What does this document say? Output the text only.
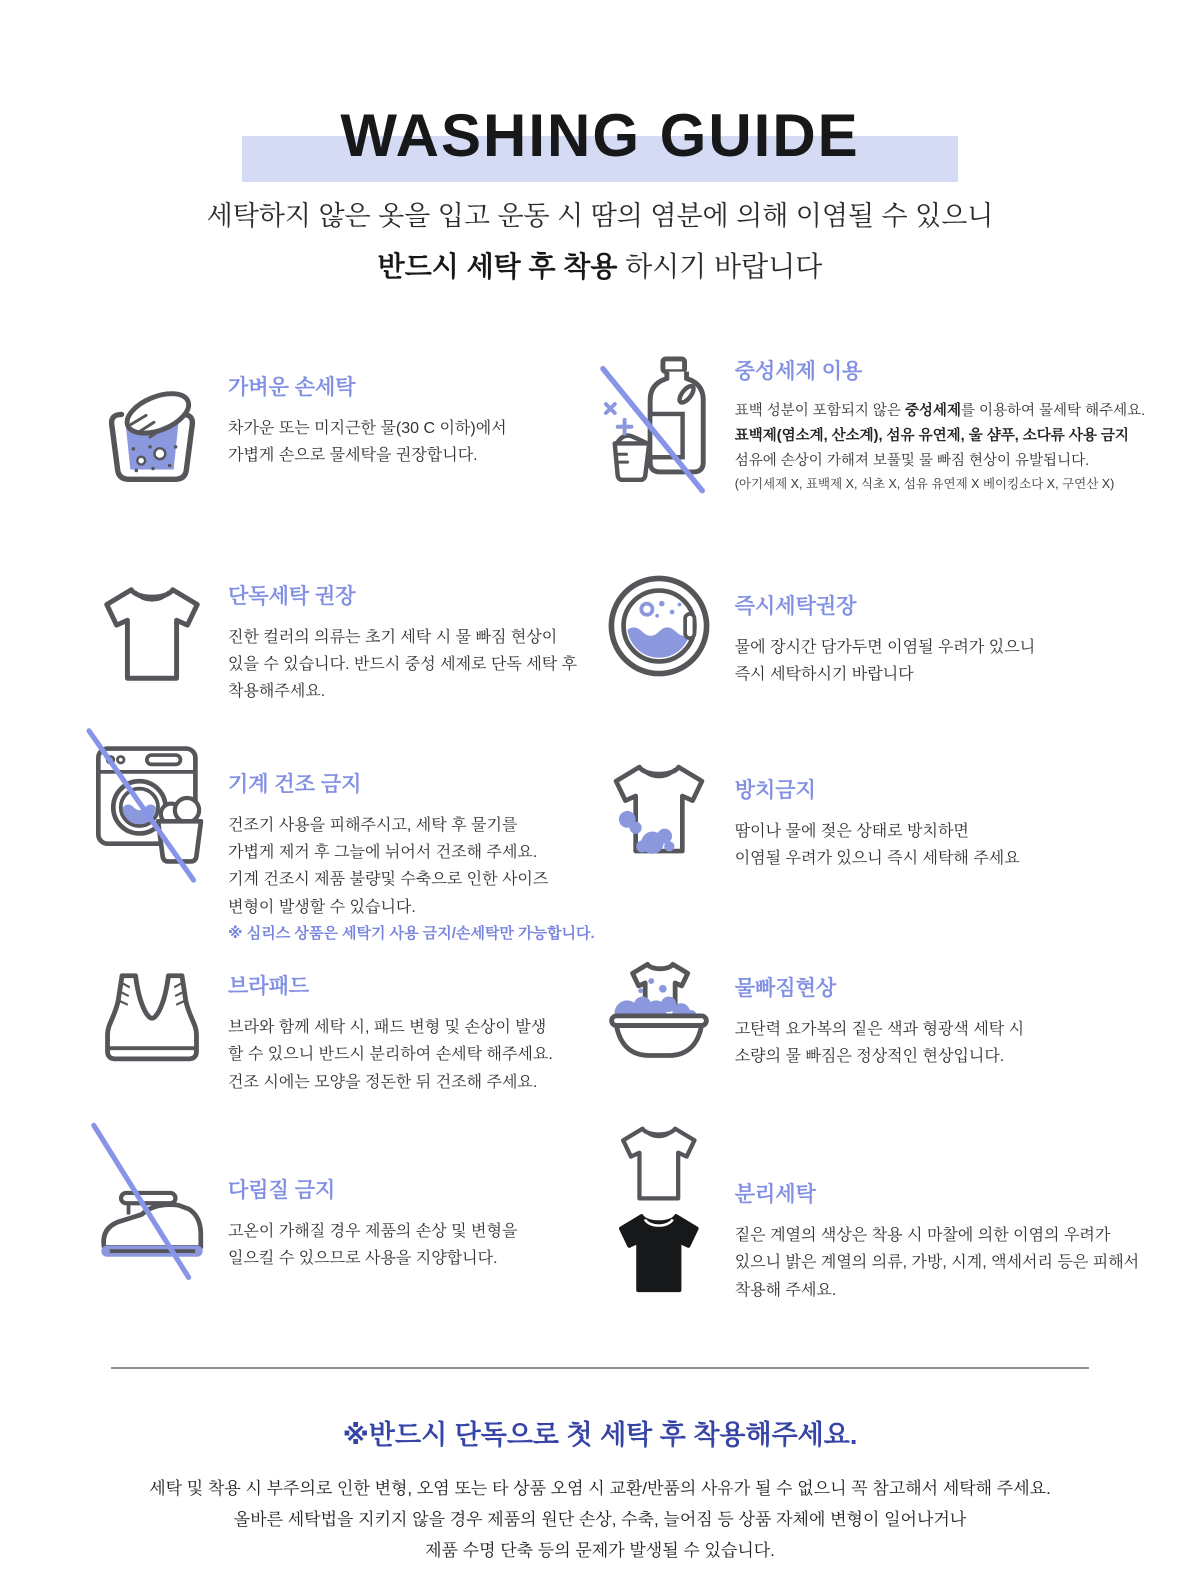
WASHING GUIDE

세탁하지 않은 옷을 입고 운동 시 땀의 염분에 의해 이염될 수 있으니

반드시 세탁 후 착용 하시기 바랍니다

가벼운 손세탁

차가운 또는 미지근한 물(30 C 이하)에서
가볍게 손으로 물세탁을 권장합니다.

중성세제 이용

표백 성분이 포함되지 않은 중성세제를 이용하여 물세탁 해주세요.
표백제(염소계, 산소계), 섬유 유연제, 울 샴푸, 소다류 사용 금지
섬유에 손상이 가해져 보풀및 물 빠짐 현상이 유발됩니다.
(아기세제 X, 표백제 X, 식초 X, 섬유 유연제 X 베이킹소다 X, 구연산 X)

단독세탁 권장

진한 컬러의 의류는 초기 세탁 시 물 빠짐 현상이
있을 수 있습니다. 반드시 중성 세제로 단독 세탁 후
착용해주세요.

즉시세탁권장

물에 장시간 담가두면 이염될 우려가 있으니
즉시 세탁하시기 바랍니다

기계 건조 금지

건조기 사용을 피해주시고, 세탁 후 물기를
가볍게 제거 후 그늘에 뉘어서 건조해 주세요.
기계 건조시 제품 불량및 수축으로 인한 사이즈
변형이 발생할 수 있습니다.
※ 심리스 상품은 세탁기 사용 금지/손세탁만 가능합니다.

방치금지

땀이나 물에 젖은 상태로 방치하면
이염될 우려가 있으니 즉시 세탁해 주세요

브라패드

브라와 함께 세탁 시, 패드 변형 및 손상이 발생
할 수 있으니 반드시 분리하여 손세탁 해주세요.
건조 시에는 모양을 정돈한 뒤 건조해 주세요.

물빠짐현상

고탄력 요가복의 짙은 색과 형광색 세탁 시
소량의 물 빠짐은 정상적인 현상입니다.

다림질 금지

고온이 가해질 경우 제품의 손상 및 변형을
일으킬 수 있으므로 사용을 지양합니다.

분리세탁

짙은 계열의 색상은 착용 시 마찰에 의한 이염의 우려가
있으니 밝은 계열의 의류, 가방, 시계, 액세서리 등은 피해서
착용해 주세요.

※반드시 단독으로 첫 세탁 후 착용해주세요.
세탁 및 착용 시 부주의로 인한 변형, 오염 또는 타 상품 오염 시 교환/반품의 사유가 될 수 없으니 꼭 참고해서 세탁해 주세요.
올바른 세탁법을 지키지 않을 경우 제품의 원단 손상, 수축, 늘어짐 등 상품 자체에 변형이 일어나거나
제품 수명 단축 등의 문제가 발생될 수 있습니다.
